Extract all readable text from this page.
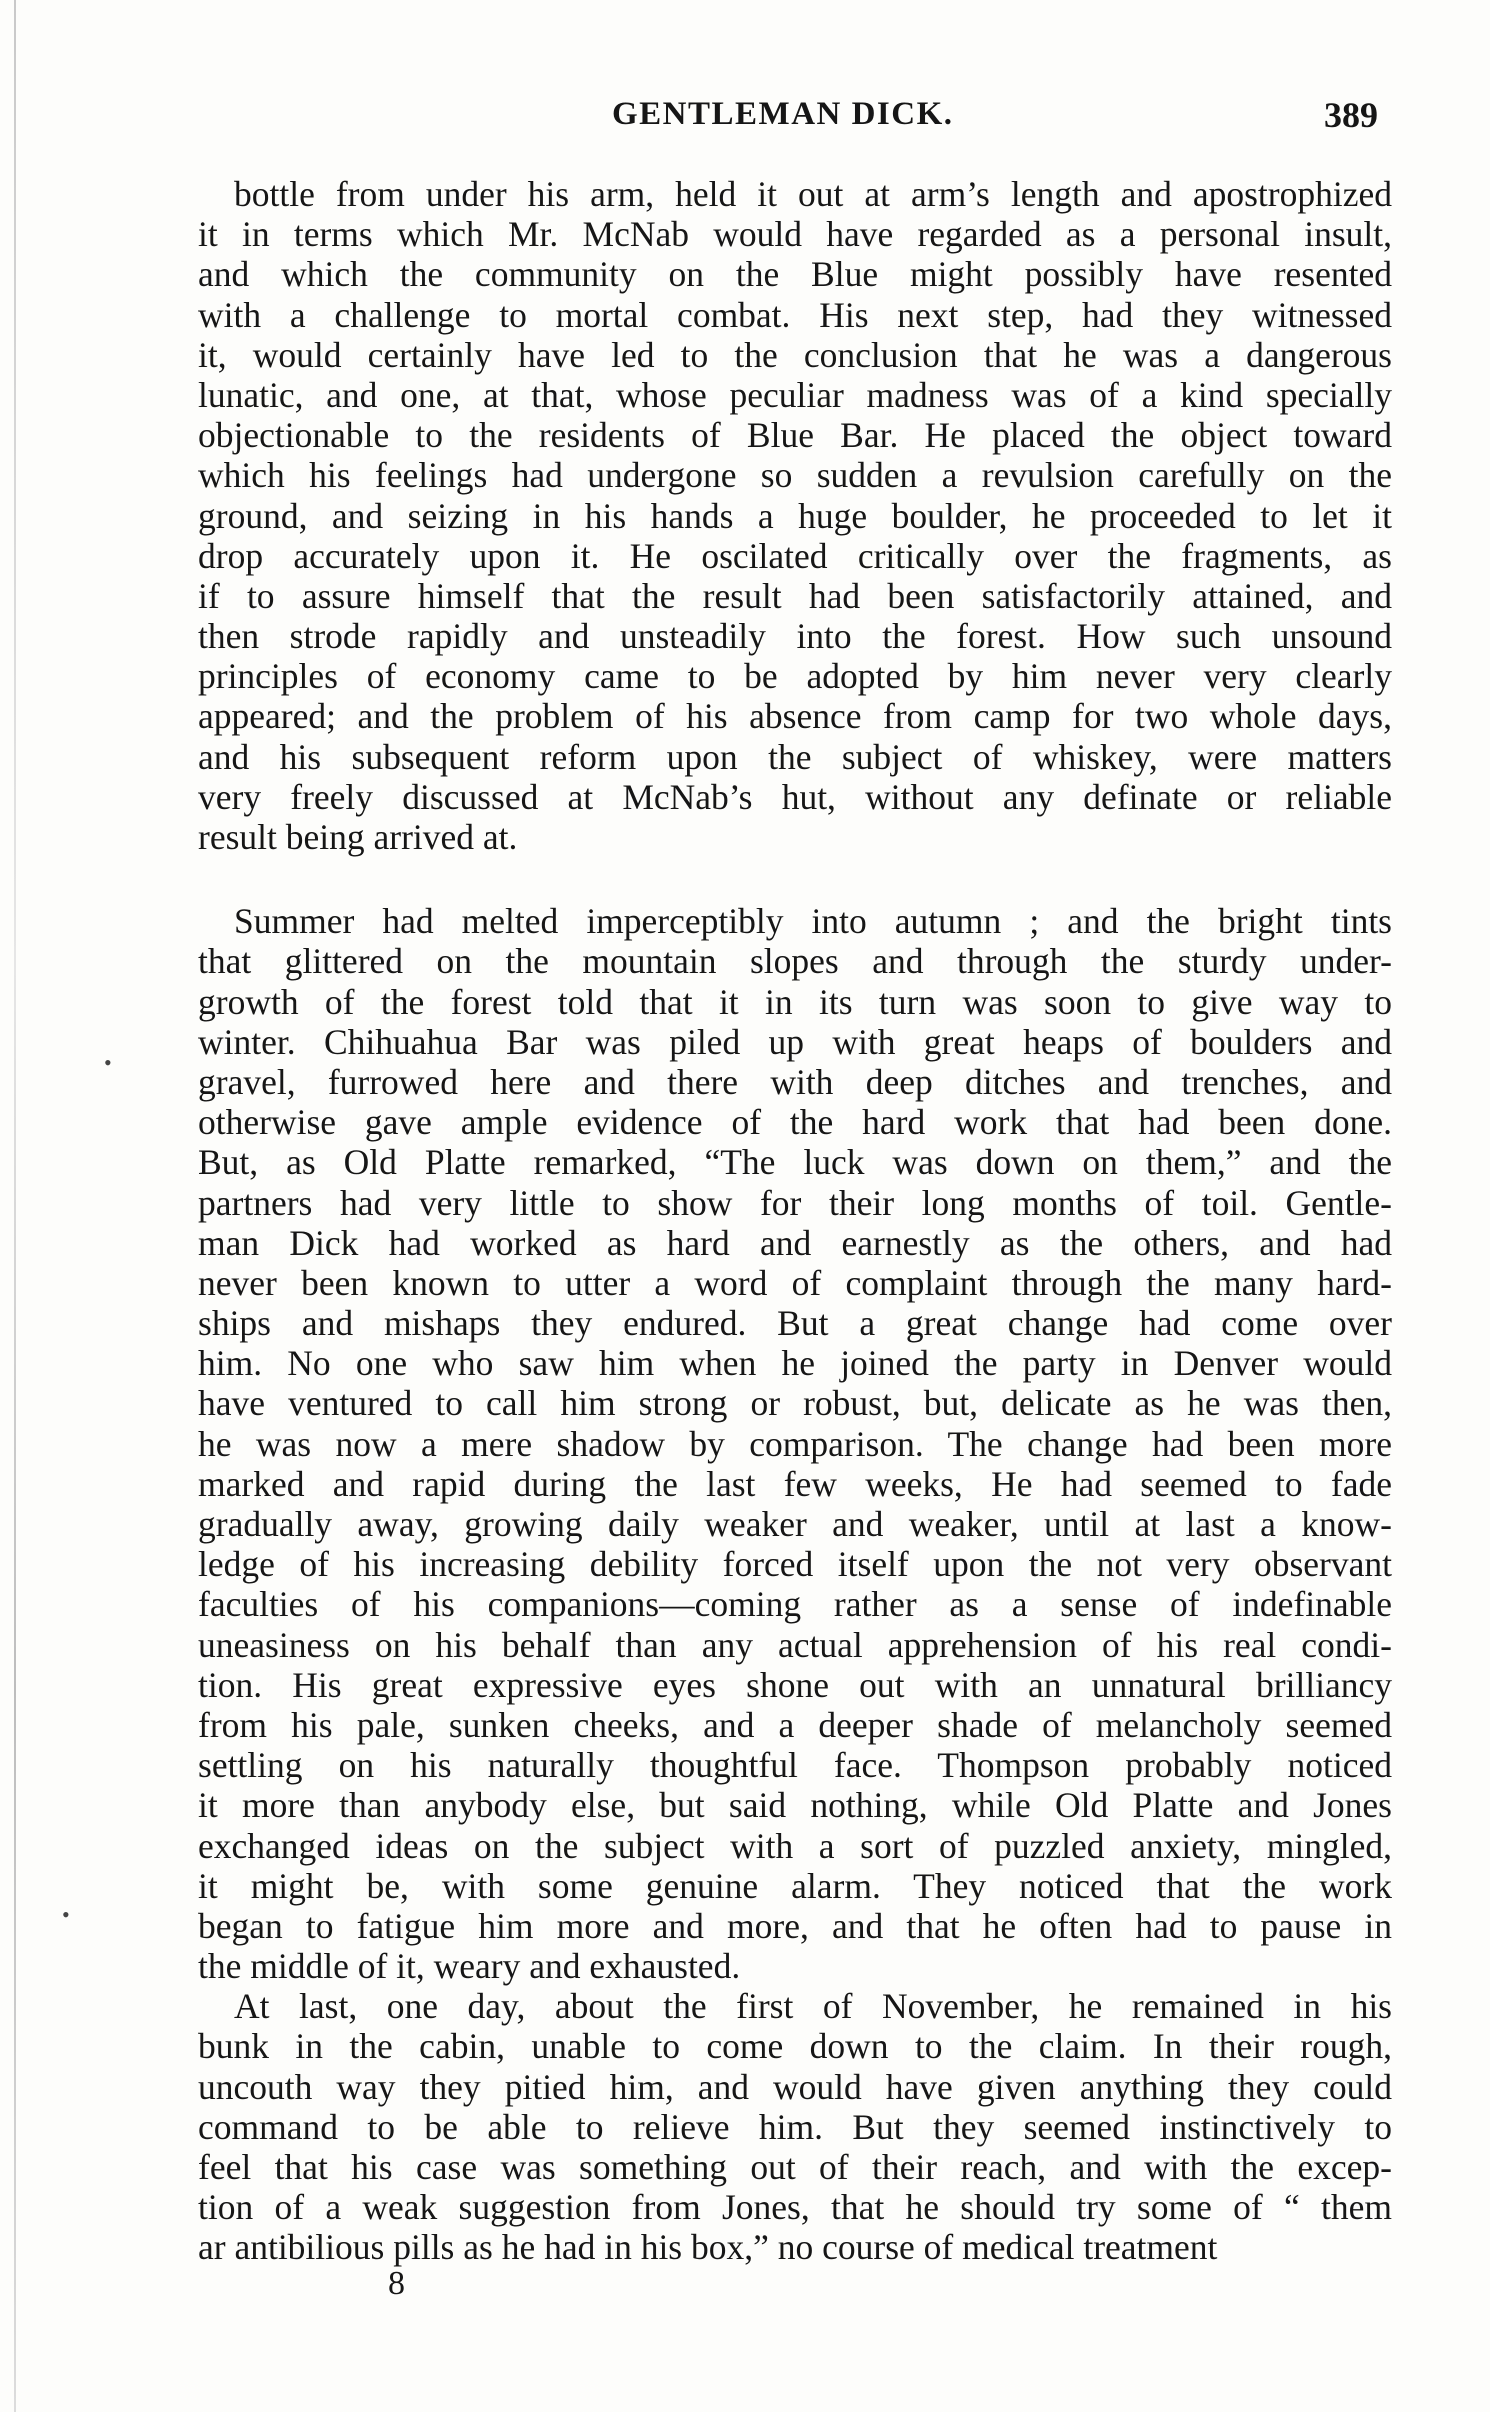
GENTLEMAN DICK.	389

bottle from under his arm, held it out at arm’s length and apostrophized
it in terms which Mr. McNab would have regarded as a personal insult,
and which the community on the Blue might possibly have resented
with a challenge to mortal combat. His next step, had they witnessed
it, would certainly have led to the conclusion that he was a dangerous
lunatic, and one, at that, whose peculiar madness was of a kind specially
objectionable to the residents of Blue Bar. He placed the object toward
which his feelings had undergone so sudden a revulsion carefully on the
ground, and seizing in his hands a huge boulder, he proceeded to let it
drop accurately upon it. He oscilated critically over the fragments, as
if to assure himself that the result had been satisfactorily attained, and
then strode rapidly and unsteadily into the forest. How such unsound
principles of economy came to be adopted by him never very clearly
appeared; and the problem of his absence from camp for two whole days,
and his subsequent reform upon the subject of whiskey, were matters
very freely discussed at McNab’s hut, without any definate or reliable
result being arrived at.

Summer had melted imperceptibly into autumn ; and the bright tints
that glittered on the mountain slopes and through the sturdy under-
growth of the forest told that it in its turn was soon to give way to
winter. Chihuahua Bar was piled up with great heaps of boulders and
gravel, furrowed here and there with deep ditches and trenches, and
otherwise gave ample evidence of the hard work that had been done.
But, as Old Platte remarked, “The luck was down on them,” and the
partners had very little to show for their long months of toil. Gentle-
man Dick had worked as hard and earnestly as the others, and had
never been known to utter a word of complaint through the many hard-
ships and mishaps they endured. But a great change had come over
him. No one who saw him when he joined the party in Denver would
have ventured to call him strong or robust, but, delicate as he was then,
he was now a mere shadow by comparison. The change had been more
marked and rapid during the last few weeks, He had seemed to fade
gradually away, growing daily weaker and weaker, until at last a know-
ledge of his increasing debility forced itself upon the not very observant
faculties of his companions—coming rather as a sense of indefinable
uneasiness on his behalf than any actual apprehension of his real condi-
tion. His great expressive eyes shone out with an unnatural brilliancy
from his pale, sunken cheeks, and a deeper shade of melancholy seemed
settling on his naturally thoughtful face. Thompson probably noticed
it more than anybody else, but said nothing, while Old Platte and Jones
exchanged ideas on the subject with a sort of puzzled anxiety, mingled,
it might be, with some genuine alarm. They noticed that the work
began to fatigue him more and more, and that he often had to pause in
the middle of it, weary and exhausted.

At last, one day, about the first of November, he remained in his
bunk in the cabin, unable to come down to the claim. In their rough,
uncouth way they pitied him, and would have given anything they could
command to be able to relieve him. But they seemed instinctively to
feel that his case was something out of their reach, and with the excep-
tion of a weak suggestion from Jones, that he should try some of “ them
ar antibilious pills as he had in his box,” no course of medical treatment

8
•
•
